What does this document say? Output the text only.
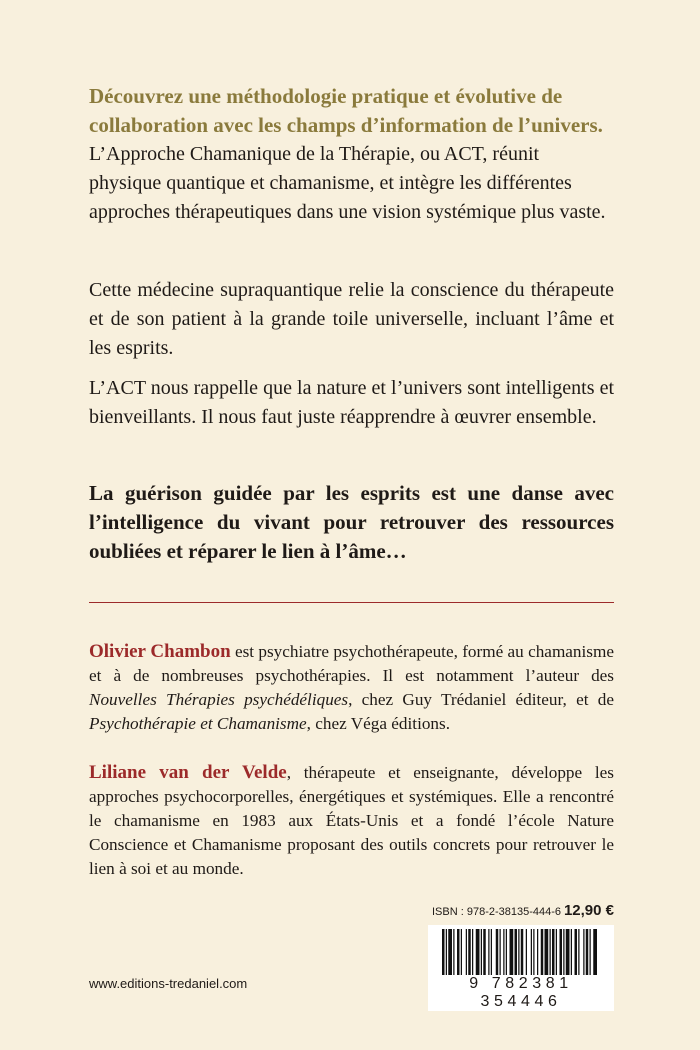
Découvrez une méthodologie pratique et évolutive de collaboration avec les champs d’information de l’univers.
L’Approche Chamanique de la Thérapie, ou ACT, réunit physique quantique et chamanisme, et intègre les différentes approches thérapeutiques dans une vision systémique plus vaste.

Cette médecine supraquantique relie la conscience du thérapeute et de son patient à la grande toile universelle, incluant l’âme et les esprits.

L’ACT nous rappelle que la nature et l’univers sont intelligents et bienveillants. Il nous faut juste réapprendre à œuvrer ensemble.

La guérison guidée par les esprits est une danse avec l’intelligence du vivant pour retrouver des ressources oubliées et réparer le lien à l’âme…

Olivier Chambon est psychiatre psychothérapeute, formé au chamanisme et à de nombreuses psychothérapies. Il est notamment l’auteur des Nouvelles Thérapies psychédéliques, chez Guy Trédaniel éditeur, et de Psychothérapie et Chamanisme, chez Véga éditions.

Liliane van der Velde, thérapeute et enseignante, développe les approches psychocorporelles, énergétiques et systémiques. Elle a rencontré le chamanisme en 1983 aux États-Unis et a fondé l’école Nature Conscience et Chamanisme proposant des outils concrets pour retrouver le lien à soi et au monde.

ISBN : 978-2-38135-444-6 12,90 €
9 782381 354446
www.editions-tredaniel.com
